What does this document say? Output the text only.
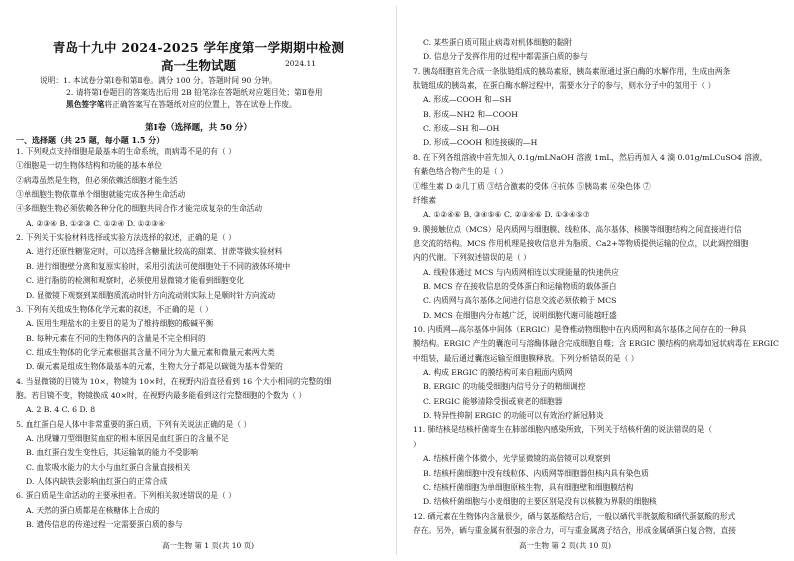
青岛十九中 2024-2025 学年度第一学期期中检测
高一生物试题	2024.11
说明：1. 本试卷分第Ⅰ卷和第Ⅱ卷。满分 100 分。答题时间 90 分钟。
2. 请将第Ⅰ卷题目的答案选出后用 2B 铅笔涂在答题纸对应题目处；第Ⅱ卷用
黑色签字笔将正确答案写在答题纸对应的位置上，答在试卷上作废。
第Ⅰ卷（选择题，共 50 分）
一、选择题（共 25 题，每小题 1.5 分）
1. 下列观点支持细胞是最基本的生命系统，而病毒不是的有（ ）
①细胞是一切生物体结构和功能的基本单位
②病毒虽然是生物，但必须依赖活细胞才能生活
③单细胞生物依靠单个细胞就能完成各种生命活动
④多细胞生物必须依赖各种分化的细胞共同合作才能完成复杂的生命活动
A. ②③④ B. ①②③ C. ①②④ D. ①②③④
2. 下列关于实验材料选择或实验方法选择的叙述，正确的是（ ）
A. 进行还原性糖鉴定时，可以选择含糖量比较高的甜菜、甘蔗等做实验材料
B. 进行细胞壁分离和复原实验时，采用引流法可使细胞处于不同的液体环境中
C. 进行脂肪的检测和观察时，必须使用显微镜才能看到细胞变化
D. 显微镜下观察到某细胞质流动时针方向流动则实际上是顺时针方向流动
3. 下列有关组成生物体化学元素的叙述，不正确的是（ ）
A. 医用生理盐水的主要目的是为了维持细胞的酸碱平衡
B. 每种元素在不同的生物体内的含量是不完全相同的
C. 组成生物体的化学元素根据其含量不同分为大量元素和微量元素两大类
D. 碳元素是组成生物体最基本的元素，生物大分子都是以碳链为基本骨架的
4. 当显微镜的目镜为 10×，物镜为 10×时，在视野内沿直径看到 16 个大小相同的完整的细
胞。若目镜不变，物镜换成 40×时，在视野内最多能看到这行完整细胞的个数为（ ）
A. 2 B. 4 C. 6 D. 8
5. 血红蛋白是人体中非常重要的蛋白质，下列有关说法正确的是（ ）
A. 出现镰刀型细胞贫血症的根本原因是血红蛋白的含量不足
B. 血红蛋白发生变性后，其运输氧的能力不受影响
C. 血浆吸水能力的大小与血红蛋白含量直接相关
D. 人体内缺铁会影响血红蛋白的正常合成
6. 蛋白质是生命活动的主要承担者。下列相关叙述错误的是（ ）
A. 天然的蛋白质都是在核糖体上合成的
B. 遗传信息的传递过程一定需要蛋白质的参与
高一生物 第 1 页(共 10 页)
C. 某些蛋白质可阻止病毒对机体细胞的黏附
D. 信息分子发挥作用的过程中都需蛋白质的参与
7. 胰岛细胞首先合成一条肽链组成的胰岛素原，胰岛素原通过蛋白酶的水解作用，生成由两条
肽链组成的胰岛素，在蛋白酶水解过程中，需要水分子的参与，则水分子中的氢用于（ ）
A. 形成—COOH 和—SH
B. 形成—NH2 和—COOH
C. 形成—SH 和—OH
D. 形成—COOH 和连接碳的—H
8. 在下列各组溶液中首先加入 0.1g/mLNaOH 溶液 1mL，然后再加入 4 滴 0.01g/mLCuSO4 溶液，
有紫色络合物产生的是（ ）
①维生素 D ②几丁质 ③结合激素的受体 ④抗体 ⑤胰岛素 ⑥染色体 ⑦
纤维素
A. ①②④⑥ B. ③④⑤⑥ C. ②③④⑥ D. ①③④⑤⑦
9. 膜接触位点（MCS）是内质网与细胞膜、线粒体、高尔基体、核膜等细胞结构之间直接进行信
息交流的结构。MCS 作用机理是接收信息并为脂质、Ca2+等物质提供运输的位点，以此调控细胞
内的代谢。下列叙述错误的是（ ）
A. 线粒体通过 MCS 与内质网相连以实现能量的快速供应
B. MCS 存在接收信息的受体蛋白和运输物质的载体蛋白
C. 内质网与高尔基体之间进行信息交流必须依赖于 MCS
D. MCS 在细胞内分布越广泛，说明细胞代谢可能越旺盛
10. 内质网—高尔基体中间体（ERGIC）是脊椎动物细胞中在内质网和高尔基体之间存在的一种具
膜结构。ERGIC 产生的囊泡可与溶酶体融合完成细胞自噬；含 ERGIC 膜结构的病毒如冠状病毒在 ERGIC
中组装，最后通过囊泡运输至细胞膜释放。下列分析错误的是（ ）
A. 构成 ERGIC 的膜结构可来自粗面内质网
B. ERGIC 的功能受细胞内信号分子的精细调控
C. ERGIC 能够清除受损或衰老的细胞器
D. 特异性抑制 ERGIC 的功能可以有效治疗新冠肺炎
11. 肺结核是结核杆菌寄生在肺部细胞内感染所致，下列关于结核杆菌的说法错误的是（
）
A. 结核杆菌个体微小，光学显微镜的高倍镜可以观察到
B. 结核杆菌细胞中没有线粒体、内质网等细胞器但核内具有染色质
C. 结核杆菌细胞为单细胞原核生物，具有细胞壁和细胞膜结构
D. 结核杆菌细胞与小麦细胞的主要区别是没有以核膜为界限的细胞核
12. 硒元素在生物体内含量很少，硒与氨基酸结合后，一般以硒代半胱氨酸和硒代蛋氨酸的形式
存在。另外，硒与重金属有很强的亲合力，可与重金属离子结合，形成金属硒蛋白复合物，直接
高一生物 第 2 页(共 10 页)
